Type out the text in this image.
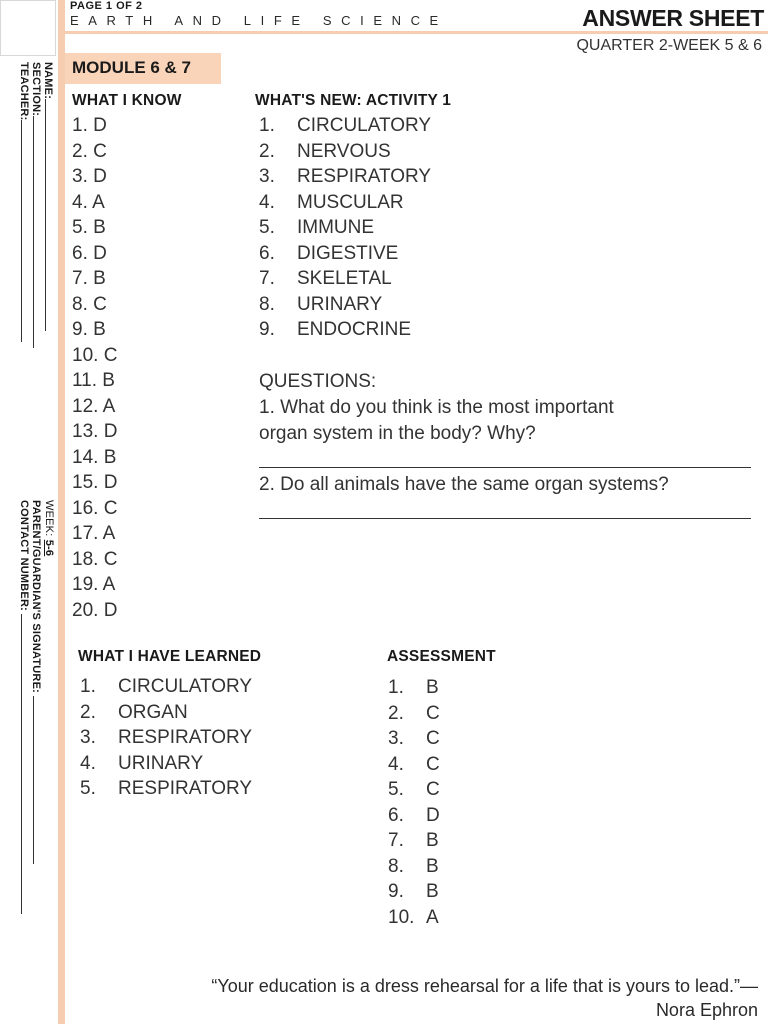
PAGE 1 OF 2
EARTH AND LIFE SCIENCE	ANSWER SHEET
QUARTER 2-WEEK 5 & 6
MODULE 6 & 7
NAME:
SECTION:
TEACHER:
WEEK: 5-6
PARENT/GUARDIAN'S SIGNATURE:
CONTACT NUMBER:
WHAT I KNOW
1. D
2. C
3. D
4. A
5. B
6. D
7. B
8. C
9. B
10. C
11. B
12. A
13. D
14. B
15. D
16. C
17. A
18. C
19. A
20. D
WHAT'S NEW: ACTIVITY 1
1. CIRCULATORY
2. NERVOUS
3. RESPIRATORY
4. MUSCULAR
5. IMMUNE
6. DIGESTIVE
7. SKELETAL
8. URINARY
9. ENDOCRINE
QUESTIONS:
1. What do you think is the most important
organ system in the body? Why?
2. Do all animals have the same organ systems?
WHAT I HAVE LEARNED
1. CIRCULATORY
2. ORGAN
3. RESPIRATORY
4. URINARY
5. RESPIRATORY
ASSESSMENT
1. B
2. C
3. C
4. C
5. C
6. D
7. B
8. B
9. B
10. A
“Your education is a dress rehearsal for a life that is yours to lead.”—
Nora Ephron
